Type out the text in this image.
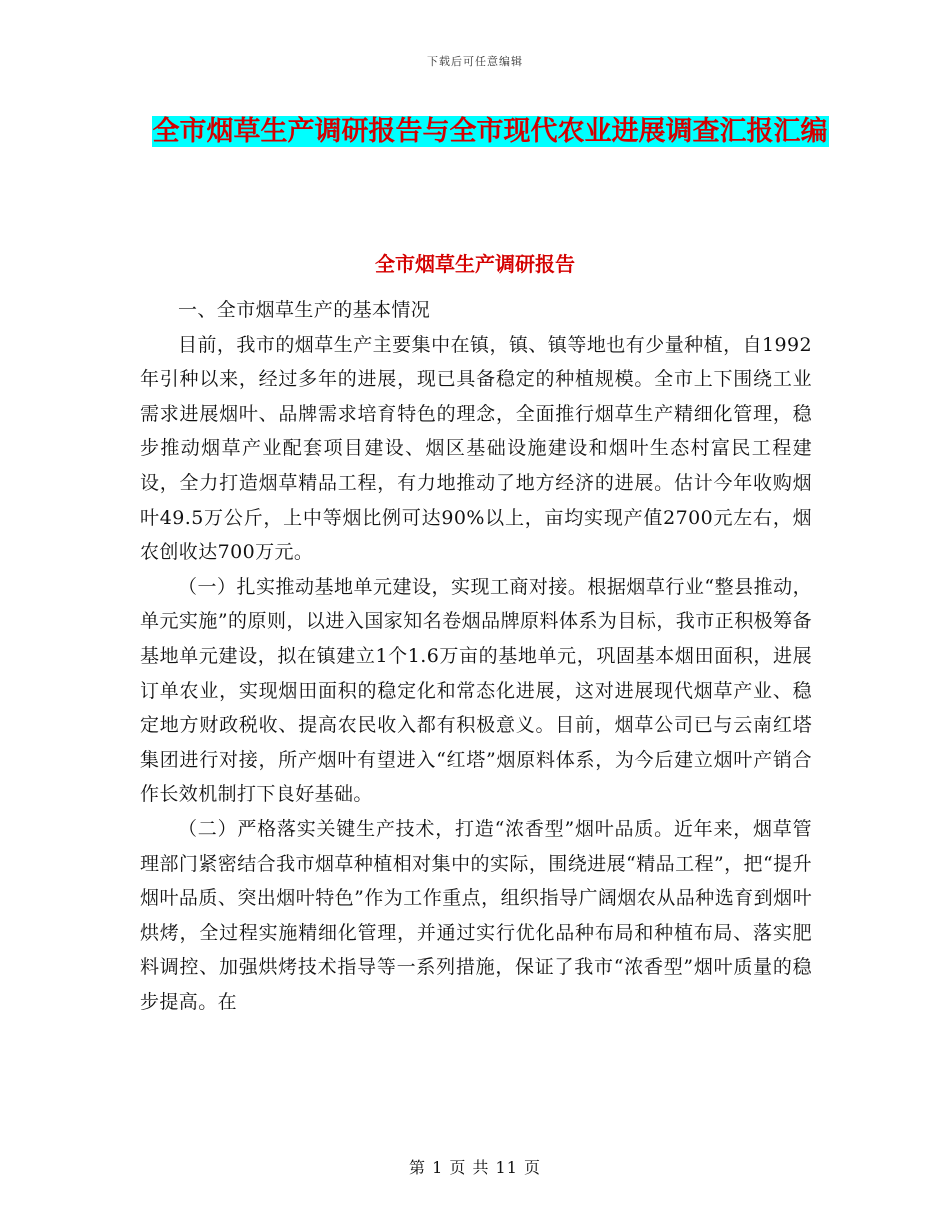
下载后可任意编辑
全市烟草生产调研报告与全市现代农业进展调查汇报汇编
全市烟草生产调研报告

一、全市烟草生产的基本情况

目前，我市的烟草生产主要集中在镇，镇、镇等地也有少量种植，自1992年引种以来，经过多年的进展，现已具备稳定的种植规模。全市上下围绕工业需求进展烟叶、品牌需求培育特色的理念，全面推行烟草生产精细化管理，稳步推动烟草产业配套项目建设、烟区基础设施建设和烟叶生态村富民工程建设，全力打造烟草精品工程，有力地推动了地方经济的进展。估计今年收购烟叶49.5万公斤，上中等烟比例可达90%以上，亩均实现产值2700元左右，烟农创收达700万元。

（一）扎实推动基地单元建设，实现工商对接。根据烟草行业“整县推动，单元实施”的原则，以进入国家知名卷烟品牌原料体系为目标，我市正积极筹备基地单元建设，拟在镇建立1个1.6万亩的基地单元，巩固基本烟田面积，进展订单农业，实现烟田面积的稳定化和常态化进展，这对进展现代烟草产业、稳定地方财政税收、提高农民收入都有积极意义。目前，烟草公司已与云南红塔集团进行对接，所产烟叶有望进入“红塔”烟原料体系，为今后建立烟叶产销合作长效机制打下良好基础。

（二）严格落实关键生产技术，打造“浓香型”烟叶品质。近年来，烟草管理部门紧密结合我市烟草种植相对集中的实际，围绕进展“精品工程”，把“提升烟叶品质、突出烟叶特色”作为工作重点，组织指导广阔烟农从品种选育到烟叶烘烤，全过程实施精细化管理，并通过实行优化品种布局和种植布局、落实肥料调控、加强烘烤技术指导等一系列措施，保证了我市“浓香型”烟叶质量的稳步提高。在

第 1 页 共 11 页
